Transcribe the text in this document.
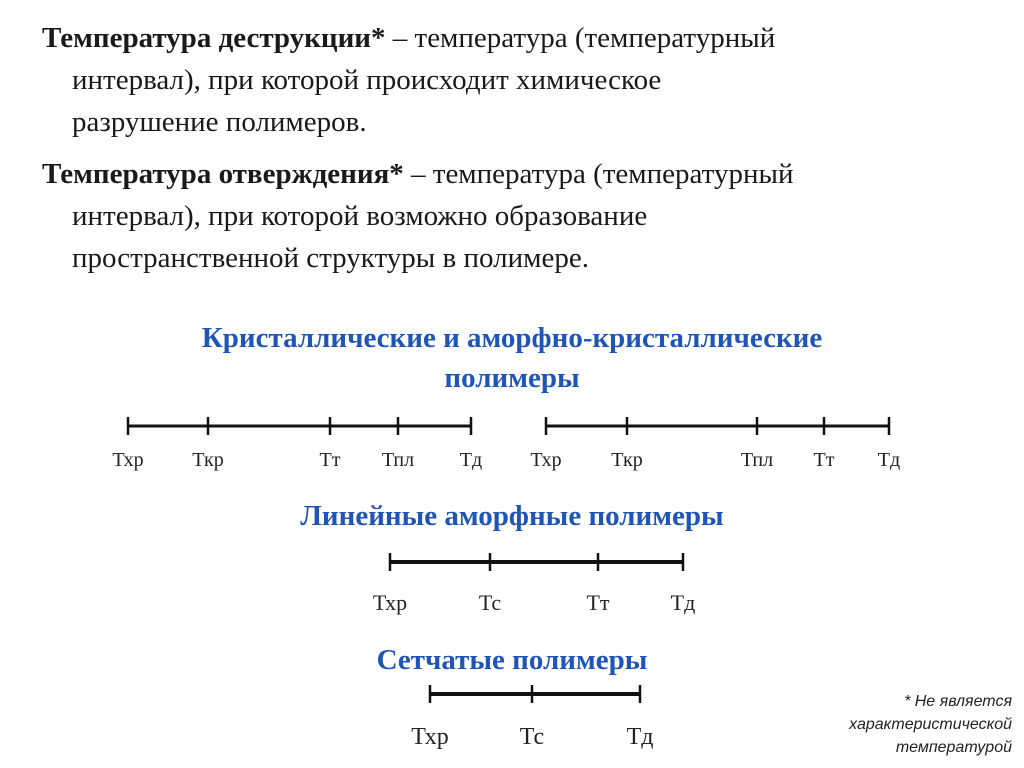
Температура деструкции* – температура (температурный
интервал), при которой происходит химическое
разрушение полимеров.
Температура отверждения* – температура (температурный
интервал), при которой возможно образование
пространственной структуры в полимере.
Кристаллические и аморфно-кристаллические
полимеры
Линейные аморфные полимеры
Сетчатые полимеры
Тхр Ткр	Тт Тпл Тд Тхр Ткр	Тпл Тт Тд
Тхр	Тс	Тт	Тд
Тхр	Тс	Тд
* Не является
характеристической
температурой
